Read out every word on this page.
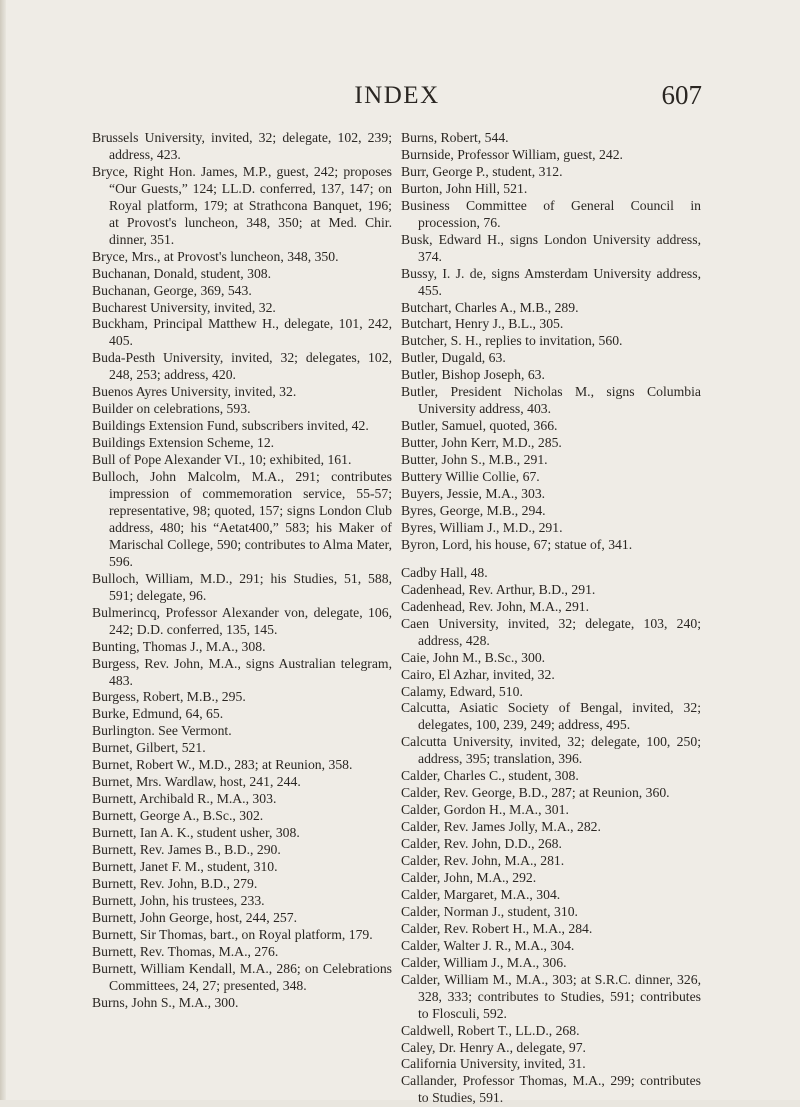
INDEX	607
Brussels University, invited, 32; delegate, 102, 239; address, 423.
Bryce, Right Hon. James, M.P., guest, 242; proposes “Our Guests,” 124; LL.D. conferred, 137, 147; on Royal platform, 179; at Strathcona Banquet, 196; at Provost's luncheon, 348, 350; at Med. Chir. dinner, 351.
Bryce, Mrs., at Provost's luncheon, 348, 350.
Buchanan, Donald, student, 308.
Buchanan, George, 369, 543.
Bucharest University, invited, 32.
Buckham, Principal Matthew H., delegate, 101, 242, 405.
Buda-Pesth University, invited, 32; delegates, 102, 248, 253; address, 420.
Buenos Ayres University, invited, 32.
Builder on celebrations, 593.
Buildings Extension Fund, subscribers invited, 42.
Buildings Extension Scheme, 12.
Bull of Pope Alexander VI., 10; exhibited, 161.
Bulloch, John Malcolm, M.A., 291; contributes impression of commemoration service, 55-57; representative, 98; quoted, 157; signs London Club address, 480; his “Aetat400,” 583; his Maker of Marischal College, 590; contributes to Alma Mater, 596.
Bulloch, William, M.D., 291; his Studies, 51, 588, 591; delegate, 96.
Bulmerincq, Professor Alexander von, delegate, 106, 242; D.D. conferred, 135, 145.
Bunting, Thomas J., M.A., 308.
Burgess, Rev. John, M.A., signs Australian telegram, 483.
Burgess, Robert, M.B., 295.
Burke, Edmund, 64, 65.
Burlington. See Vermont.
Burnet, Gilbert, 521.
Burnet, Robert W., M.D., 283; at Reunion, 358.
Burnet, Mrs. Wardlaw, host, 241, 244.
Burnett, Archibald R., M.A., 303.
Burnett, George A., B.Sc., 302.
Burnett, Ian A. K., student usher, 308.
Burnett, Rev. James B., B.D., 290.
Burnett, Janet F. M., student, 310.
Burnett, Rev. John, B.D., 279.
Burnett, John, his trustees, 233.
Burnett, John George, host, 244, 257.
Burnett, Sir Thomas, bart., on Royal platform, 179.
Burnett, Rev. Thomas, M.A., 276.
Burnett, William Kendall, M.A., 286; on Celebrations Committees, 24, 27; presented, 348.
Burns, John S., M.A., 300.
Burns, Robert, 544.
Burnside, Professor William, guest, 242.
Burr, George P., student, 312.
Burton, John Hill, 521.
Business Committee of General Council in procession, 76.
Busk, Edward H., signs London University address, 374.
Bussy, I. J. de, signs Amsterdam University address, 455.
Butchart, Charles A., M.B., 289.
Butchart, Henry J., B.L., 305.
Butcher, S. H., replies to invitation, 560.
Butler, Dugald, 63.
Butler, Bishop Joseph, 63.
Butler, President Nicholas M., signs Columbia University address, 403.
Butler, Samuel, quoted, 366.
Butter, John Kerr, M.D., 285.
Butter, John S., M.B., 291.
Buttery Willie Collie, 67.
Buyers, Jessie, M.A., 303.
Byres, George, M.B., 294.
Byres, William J., M.D., 291.
Byron, Lord, his house, 67; statue of, 341.
Cadby Hall, 48.
Cadenhead, Rev. Arthur, B.D., 291.
Cadenhead, Rev. John, M.A., 291.
Caen University, invited, 32; delegate, 103, 240; address, 428.
Caie, John M., B.Sc., 300.
Cairo, El Azhar, invited, 32.
Calamy, Edward, 510.
Calcutta, Asiatic Society of Bengal, invited, 32; delegates, 100, 239, 249; address, 495.
Calcutta University, invited, 32; delegate, 100, 250; address, 395; translation, 396.
Calder, Charles C., student, 308.
Calder, Rev. George, B.D., 287; at Reunion, 360.
Calder, Gordon H., M.A., 301.
Calder, Rev. James Jolly, M.A., 282.
Calder, Rev. John, D.D., 268.
Calder, Rev. John, M.A., 281.
Calder, John, M.A., 292.
Calder, Margaret, M.A., 304.
Calder, Norman J., student, 310.
Calder, Rev. Robert H., M.A., 284.
Calder, Walter J. R., M.A., 304.
Calder, William J., M.A., 306.
Calder, William M., M.A., 303; at S.R.C. dinner, 326, 328, 333; contributes to Studies, 591; contributes to Flosculi, 592.
Caldwell, Robert T., LL.D., 268.
Caley, Dr. Henry A., delegate, 97.
California University, invited, 31.
Callander, Professor Thomas, M.A., 299; contributes to Studies, 591.
